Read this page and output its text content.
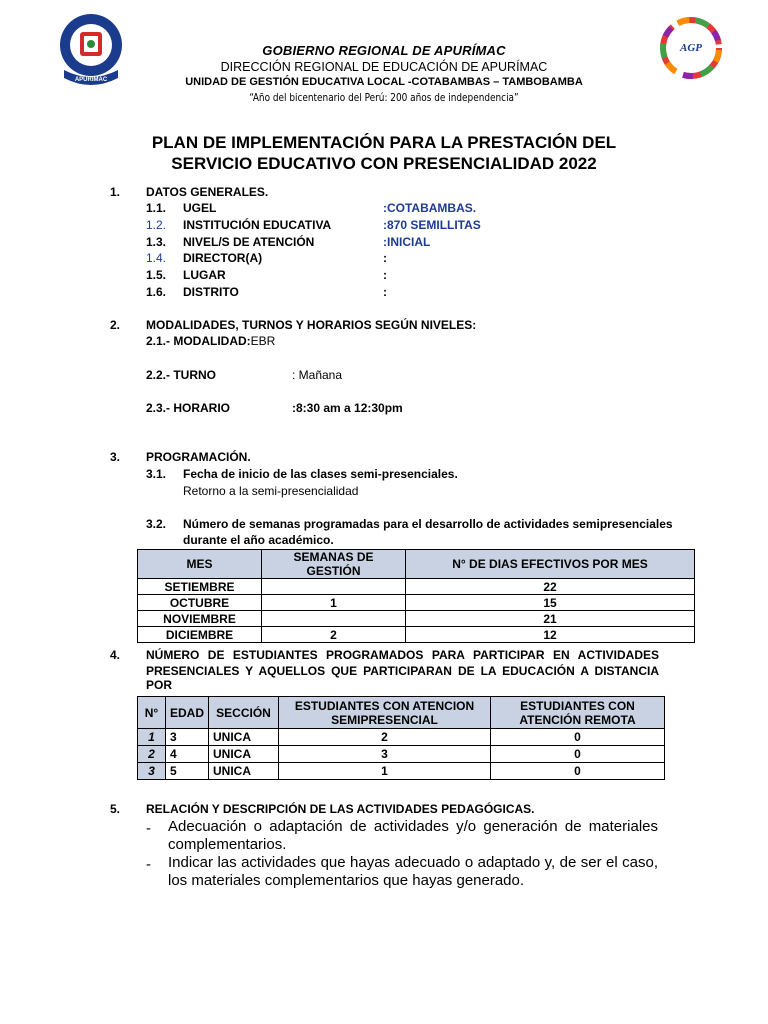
APURIMAC
AGP
GOBIERNO REGIONAL DE APURÍMAC
DIRECCIÓN REGIONAL DE EDUCACIÓN DE APURÍMAC
UNIDAD DE GESTIÓN EDUCATIVA LOCAL -COTABAMBAS – TAMBOBAMBA
“Año del bicentenario del Perú: 200 años de independencia”
PLAN DE IMPLEMENTACIÓN PARA LA PRESTACIÓN DEL
SERVICIO EDUCATIVO CON PRESENCIALIDAD 2022
1. DATOS GENERALES.
1.1. UGEL	:COTABAMBAS.
1.2. INSTITUCIÓN EDUCATIVA	:870 SEMILLITAS
1.3. NIVEL/S DE ATENCIÓN	:INICIAL
1.4. DIRECTOR(A)	:
1.5. LUGAR	:
1.6. DISTRITO	:
2. MODALIDADES, TURNOS Y HORARIOS SEGÚN NIVELES:
2.1.- MODALIDAD:EBR
2.2.- TURNO	: Mañana
2.3.- HORARIO	:8:30 am a 12:30pm
3. PROGRAMACIÓN.
3.1. Fecha de inicio de las clases semi-presenciales.
Retorno a la semi-presencialidad
3.2. Número de semanas programadas para el desarrollo de actividades semipresenciales
durante el año académico.
MES	SEMANAS DE GESTIÓN	N° DE DIAS EFECTIVOS POR MES
SETIEMBRE		22
OCTUBRE	1	15
NOVIEMBRE		21
DICIEMBRE	2	12
4. NÚMERO DE ESTUDIANTES PROGRAMADOS PARA PARTICIPAR EN ACTIVIDADES
PRESENCIALES Y AQUELLOS QUE PARTICIPARAN DE LA EDUCACIÓN A DISTANCIA POR
N°	EDAD	SECCIÓN	ESTUDIANTES CON ATENCION SEMIPRESENCIAL	ESTUDIANTES CON ATENCIÓN REMOTA
1	3	UNICA	2	0
2	4	UNICA	3	0
3	5	UNICA	1	0
5. RELACIÓN Y DESCRIPCIÓN DE LAS ACTIVIDADES PEDAGÓGICAS.
- Adecuación o adaptación de actividades y/o generación de materiales complementarios.
- Indicar las actividades que hayas adecuado o adaptado y, de ser el caso, los materiales complementarios que hayas generado.
